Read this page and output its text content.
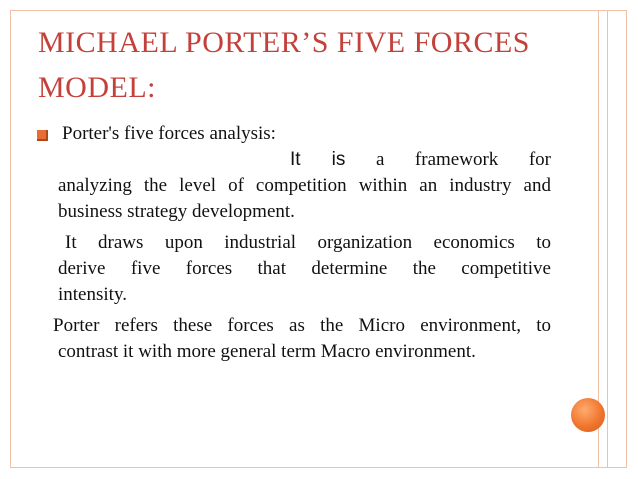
MICHAEL PORTER’S FIVE FORCES
MODEL:
Porter's five forces analysis:
It is a framework for
analyzing the level of competition within an industry and
business strategy development.
It draws upon industrial organization economics to
derive five forces that determine the competitive
intensity.
Porter refers these forces as the Micro environment, to
contrast it with more general term Macro environment.
